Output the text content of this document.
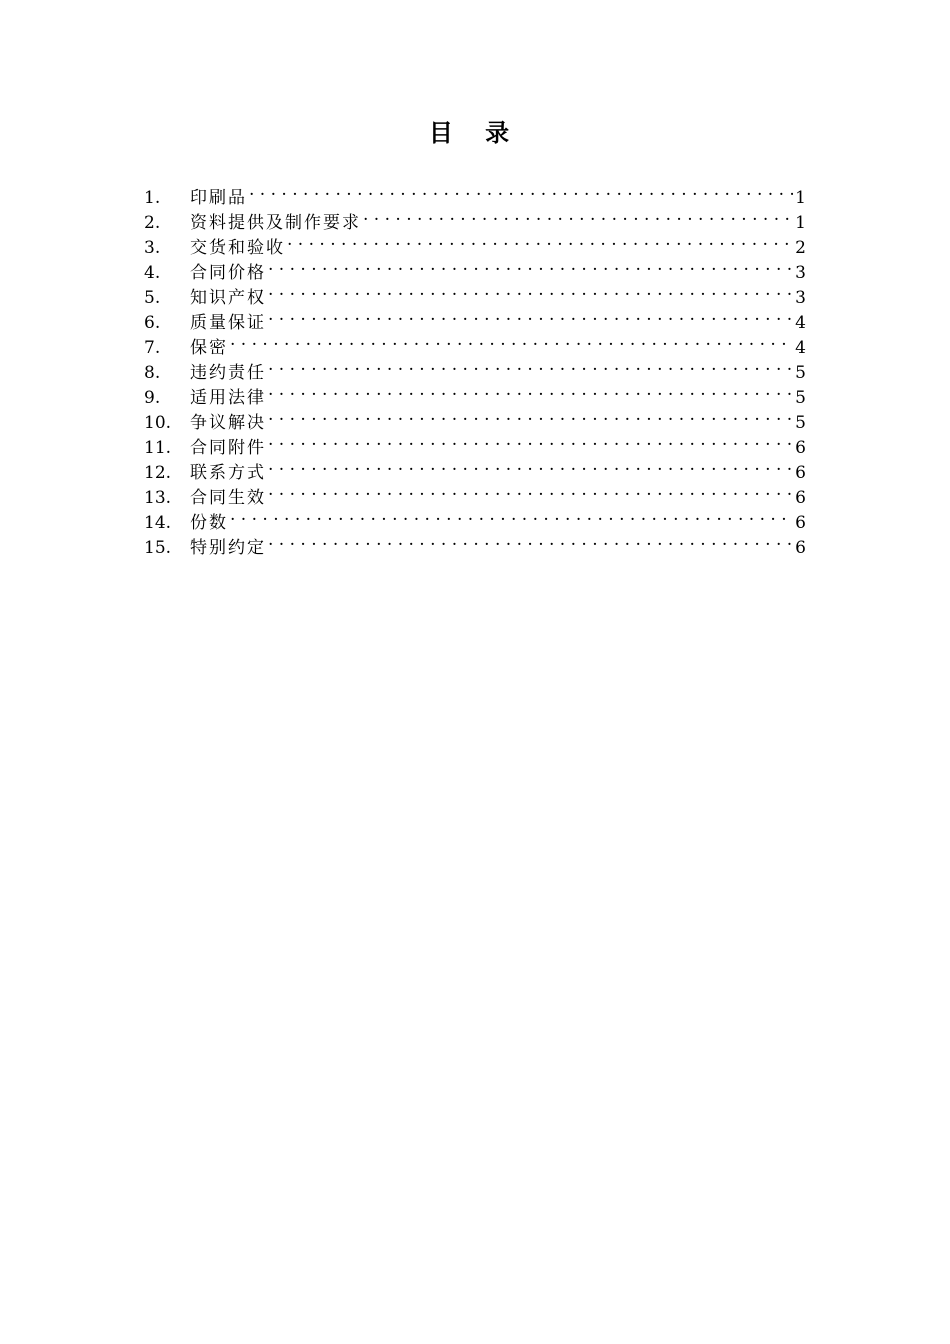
目 录
1.	印刷品 . . .	1
2.	资料提供及制作要求 . . .	1
3.	交货和验收 . . .	2
4.	合同价格 . . .	3
5.	知识产权 . . .	3
6.	质量保证 . . .	4
7.	保密 . . .	4
8.	违约责任 . . .	5
9.	适用法律 . . .	5
10.	争议解决 . . .	5
11.	合同附件 . . .	6
12.	联系方式 . . .	6
13.	合同生效 . . .	6
14.	份数 . . .	6
15.	特别约定 . . .	6
